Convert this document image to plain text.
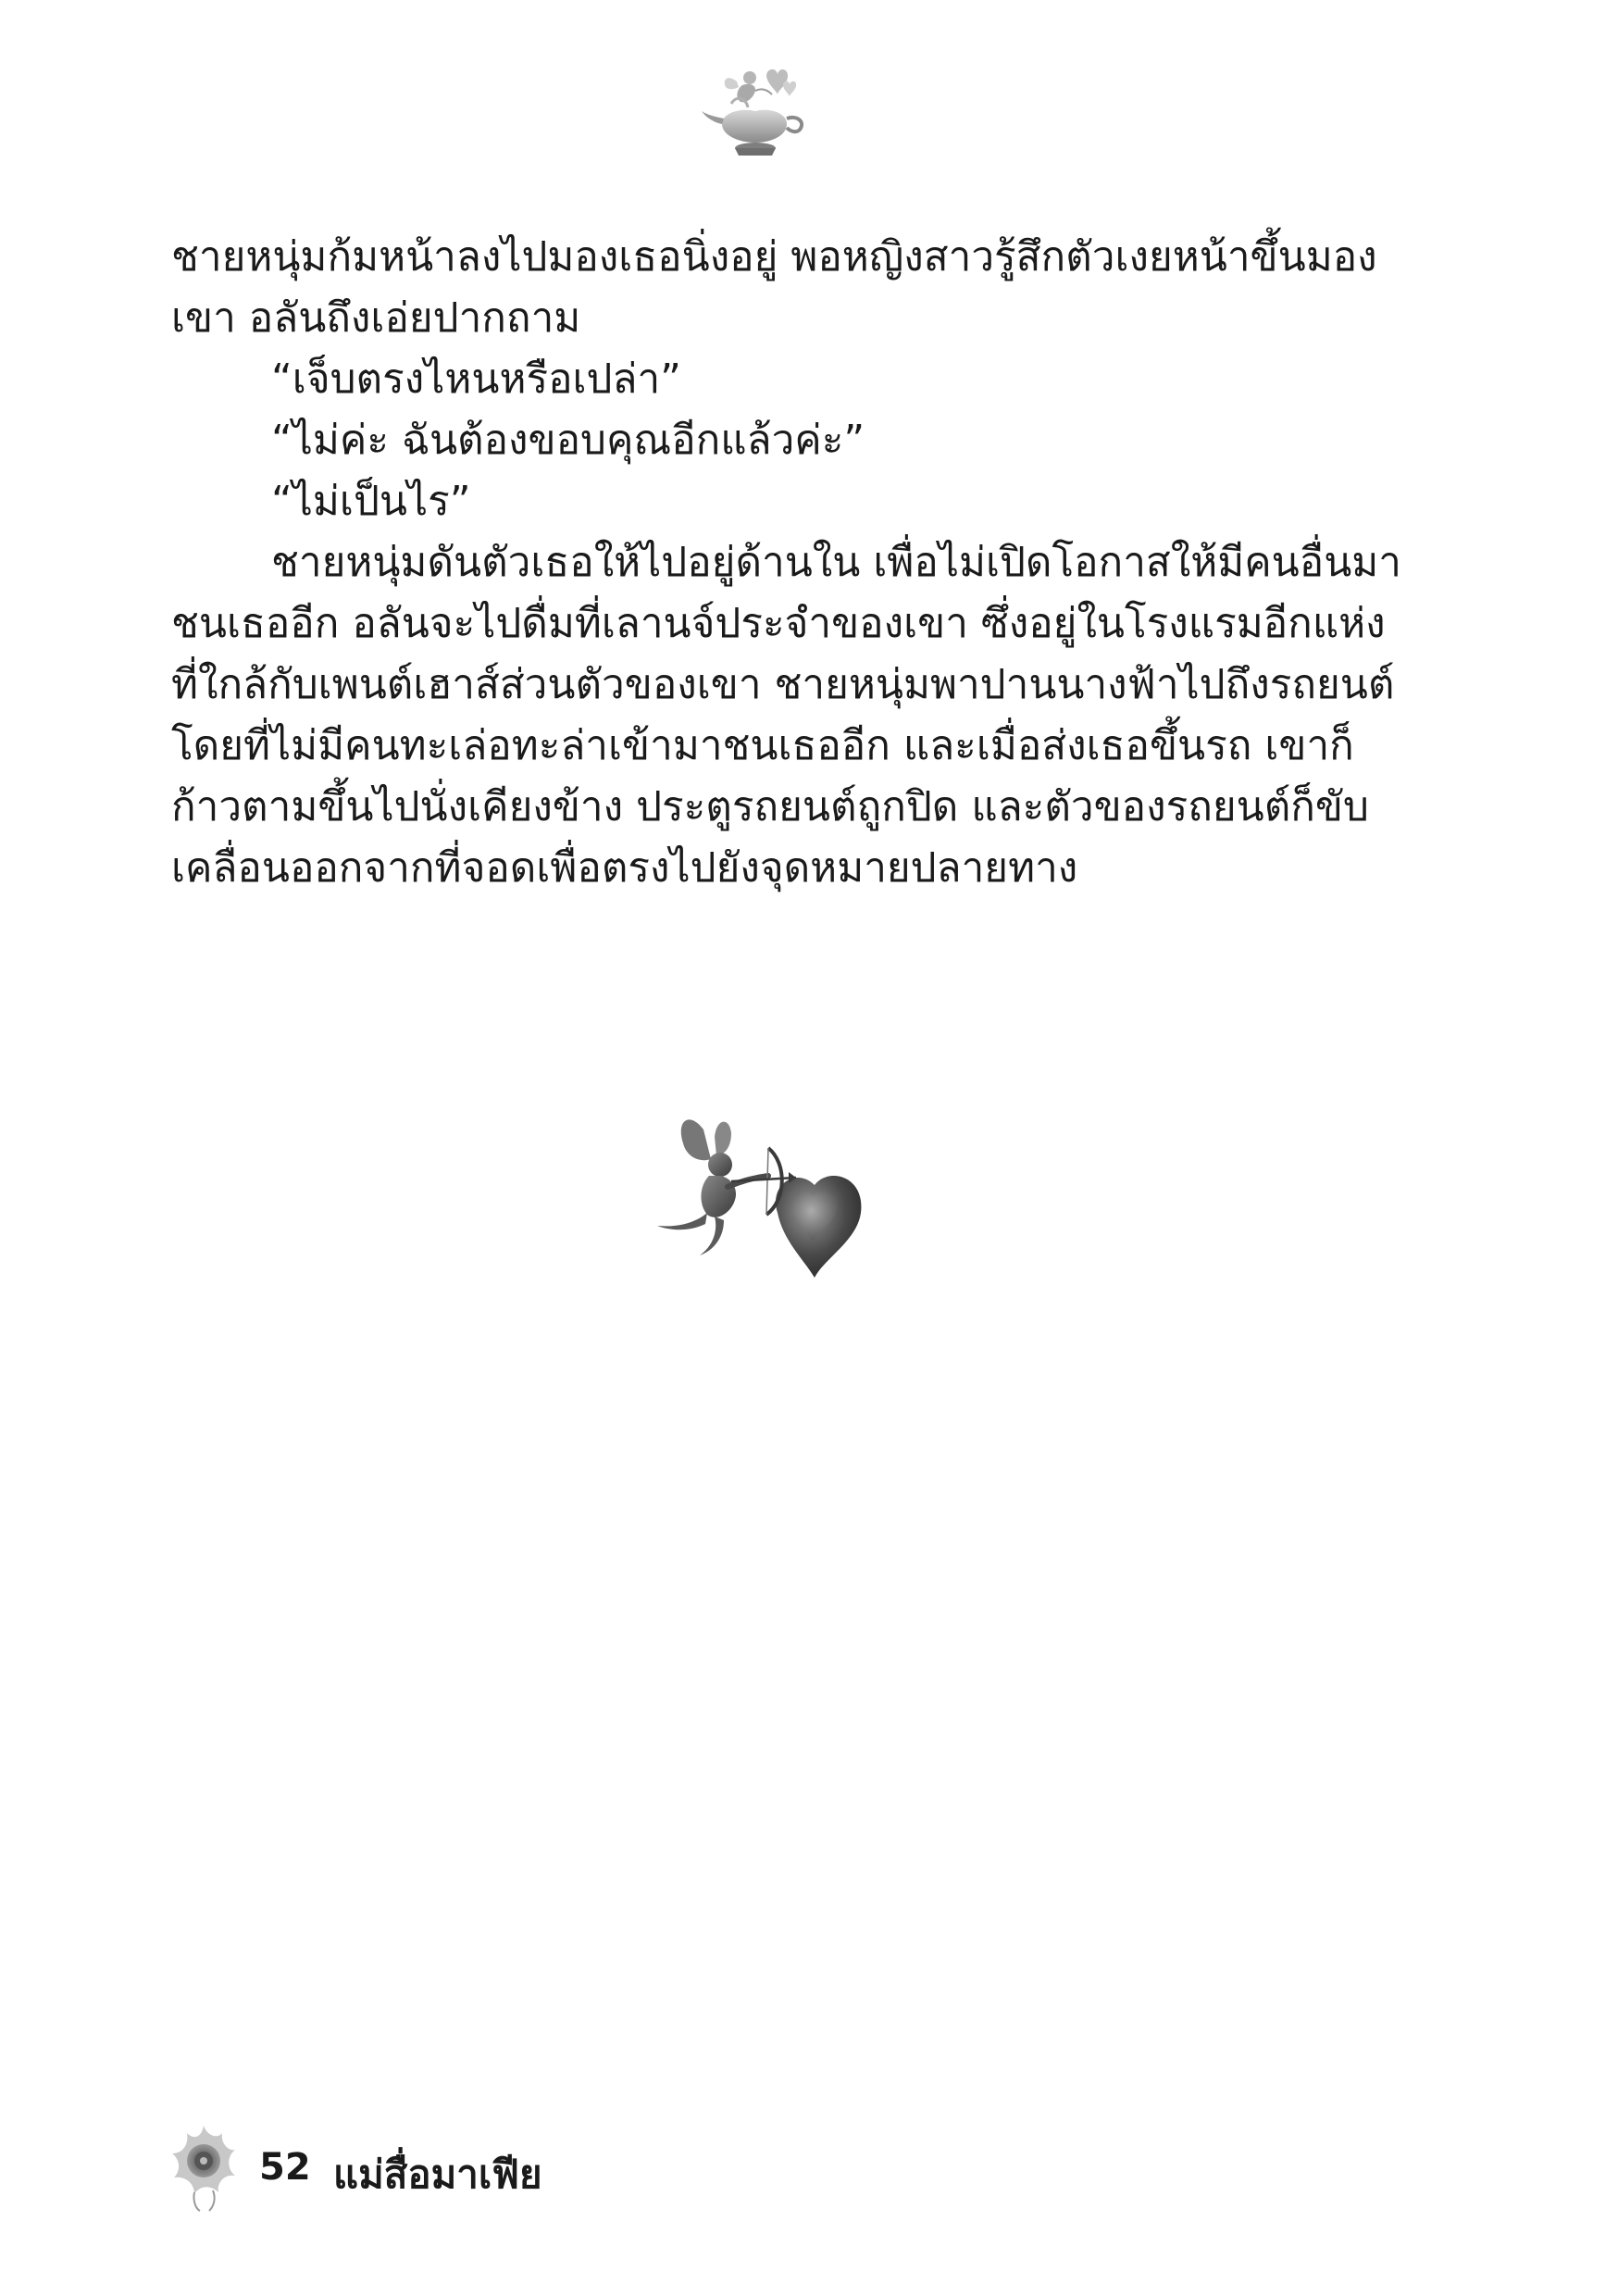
ชายหนุ่มก้มหน้าลงไปมองเธอนิ่งอยู่ พอหญิงสาวรู้สึกตัวเงยหน้าขึ้นมองเขา อลันถึงเอ่ยปากถาม

“เจ็บตรงไหนหรือเปล่า”

“ไม่ค่ะ ฉันต้องขอบคุณอีกแล้วค่ะ”

“ไม่เป็นไร”

ชายหนุ่มดันตัวเธอให้ไปอยู่ด้านใน เพื่อไม่เปิดโอกาสให้มีคนอื่นมาชนเธออีก อลันจะไปดื่มที่เลานจ์ประจำของเขา ซึ่งอยู่ในโรงแรมอีกแห่งที่ใกล้กับเพนต์เฮาส์ส่วนตัวของเขา ชายหนุ่มพาปานนางฟ้าไปถึงรถยนต์โดยที่ไม่มีคนทะเล่อทะล่าเข้ามาชนเธออีก และเมื่อส่งเธอขึ้นรถ เขาก็ก้าวตามขึ้นไปนั่งเคียงข้าง ประตูรถยนต์ถูกปิด และตัวของรถยนต์ก็ขับเคลื่อนออกจากที่จอดเพื่อตรงไปยังจุดหมายปลายทาง

52 แม่สื่อมาเฟีย
